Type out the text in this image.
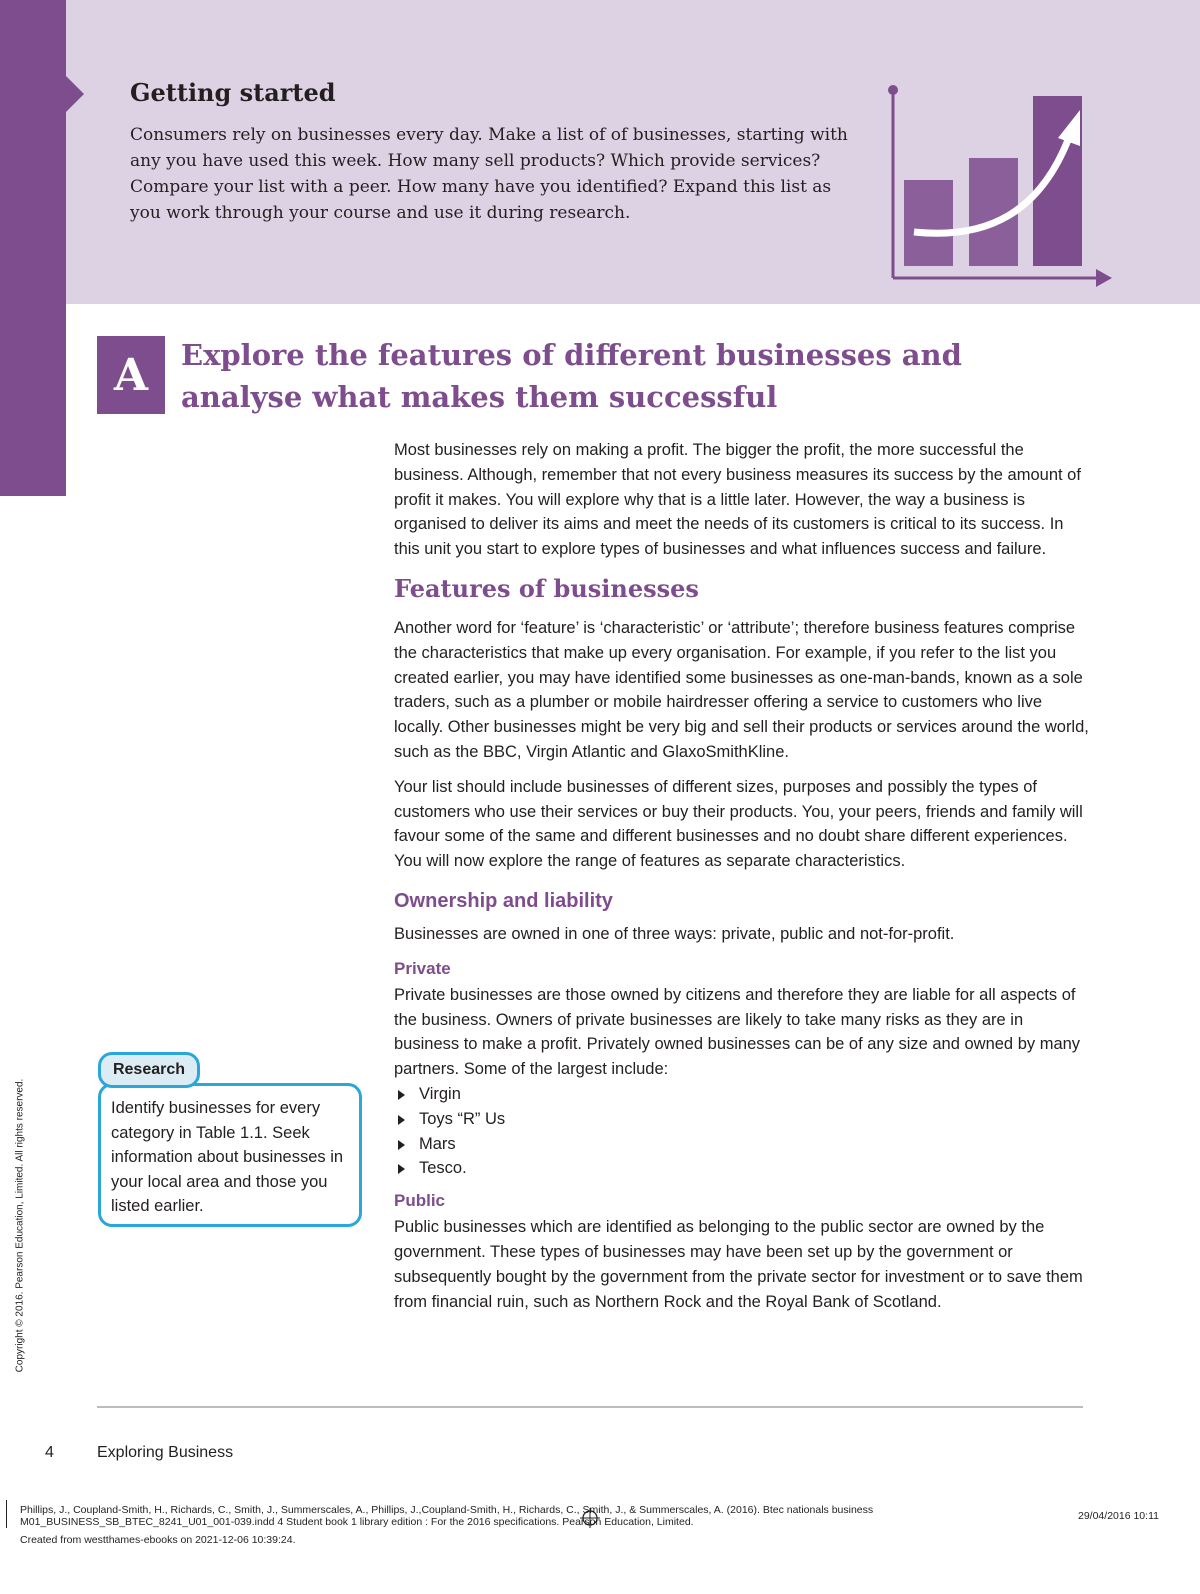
Getting started
Consumers rely on businesses every day. Make a list of of businesses, starting with any you have used this week. How many sell products? Which provide services? Compare your list with a peer. How many have you identified? Expand this list as you work through your course and use it during research.
A	Explore the features of different businesses and analyse what makes them successful

Most businesses rely on making a profit. The bigger the profit, the more successful the business. Although, remember that not every business measures its success by the amount of profit it makes. You will explore why that is a little later. However, the way a business is organised to deliver its aims and meet the needs of its customers is critical to its success. In this unit you start to explore types of businesses and what influences success and failure.

Features of businesses

Another word for ‘feature’ is ‘characteristic’ or ‘attribute’; therefore business features comprise the characteristics that make up every organisation. For example, if you refer to the list you created earlier, you may have identified some businesses as one-man-bands, known as a sole traders, such as a plumber or mobile hairdresser offering a service to customers who live locally. Other businesses might be very big and sell their products or services around the world, such as the BBC, Virgin Atlantic and GlaxoSmithKline.

Your list should include businesses of different sizes, purposes and possibly the types of customers who use their services or buy their products. You, your peers, friends and family will favour some of the same and different businesses and no doubt share different experiences. You will now explore the range of features as separate characteristics.

Ownership and liability

Businesses are owned in one of three ways: private, public and not-for-profit.

Private

Private businesses are those owned by citizens and therefore they are liable for all aspects of the business. Owners of private businesses are likely to take many risks as they are in business to make a profit. Privately owned businesses can be of any size and owned by many partners. Some of the largest include:

Virgin
Toys “R” Us
Mars
Tesco.
Public

Public businesses which are identified as belonging to the public sector are owned by the government. These types of businesses may have been set up by the government or subsequently bought by the government from the private sector for investment or to save them from financial ruin, such as Northern Rock and the Royal Bank of Scotland.

Identify businesses for every category in Table 1.1. Seek information about businesses in your local area and those you listed earlier.
Research
Copyright © 2016. Pearson Education, Limited. All rights reserved.
4	Exploring Business
Phillips, J., Coupland-Smith, H., Richards, C., Smith, J., Summerscales, A., Phillips, J.,Coupland-Smith, H., Richards, C., Smith, J., & Summerscales, A. (2016). Btec nationals business
M01_BUSINESS_SB_BTEC_8241_U01_001-039.indd 4 Student book 1 library edition : For the 2016 specifications. Pearson Education, Limited.
Created from westthames-ebooks on 2021-12-06 10:39:24.
29/04/2016 10:11
